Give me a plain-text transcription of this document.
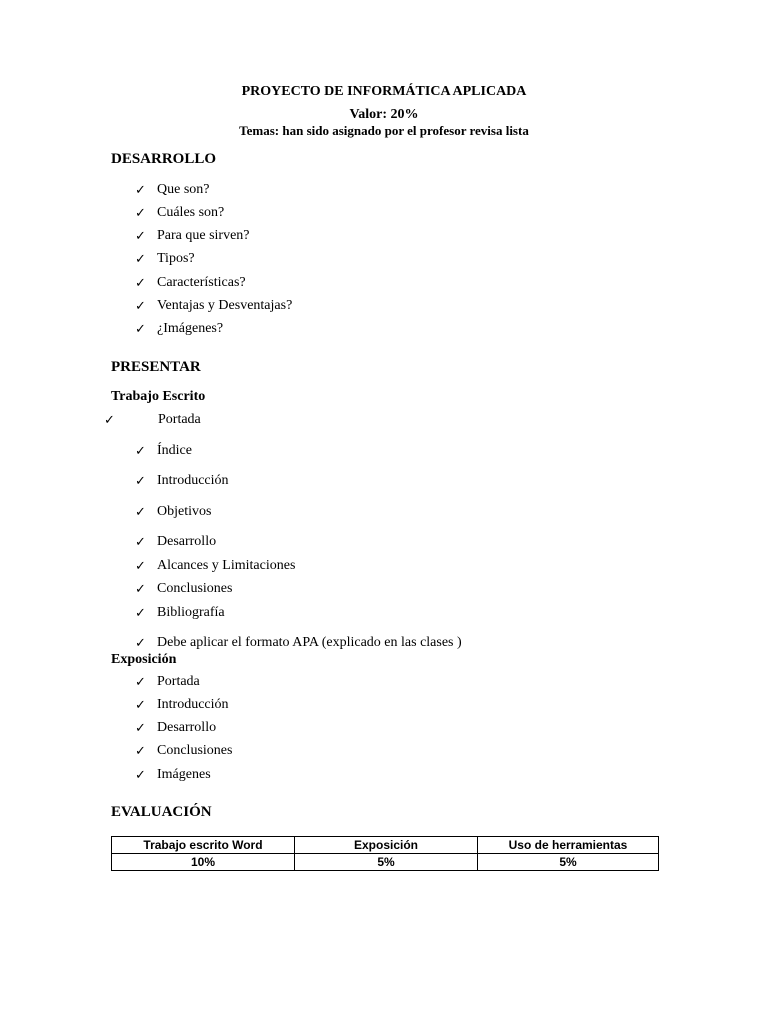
PROYECTO DE INFORMÁTICA APLICADA
Valor: 20%
Temas: han sido asignado por el profesor revisa lista
DESARROLLO
✓ Que son?
✓ Cuáles son?
✓ Para que sirven?
✓ Tipos?
✓ Características?
✓ Ventajas y Desventajas?
✓ ¿Imágenes?
PRESENTAR
Trabajo Escrito
✓	Portada
✓ Índice
✓ Introducción
✓ Objetivos
✓ Desarrollo
✓ Alcances y Limitaciones
✓ Conclusiones
✓ Bibliografía
✓ Debe aplicar el formato APA (explicado en las clases )
Exposición
✓ Portada
✓ Introducción
✓ Desarrollo
✓ Conclusiones
✓ Imágenes
EVALUACIÓN
Trabajo escrito Word	Exposición	Uso de herramientas
10%	5%	5%
